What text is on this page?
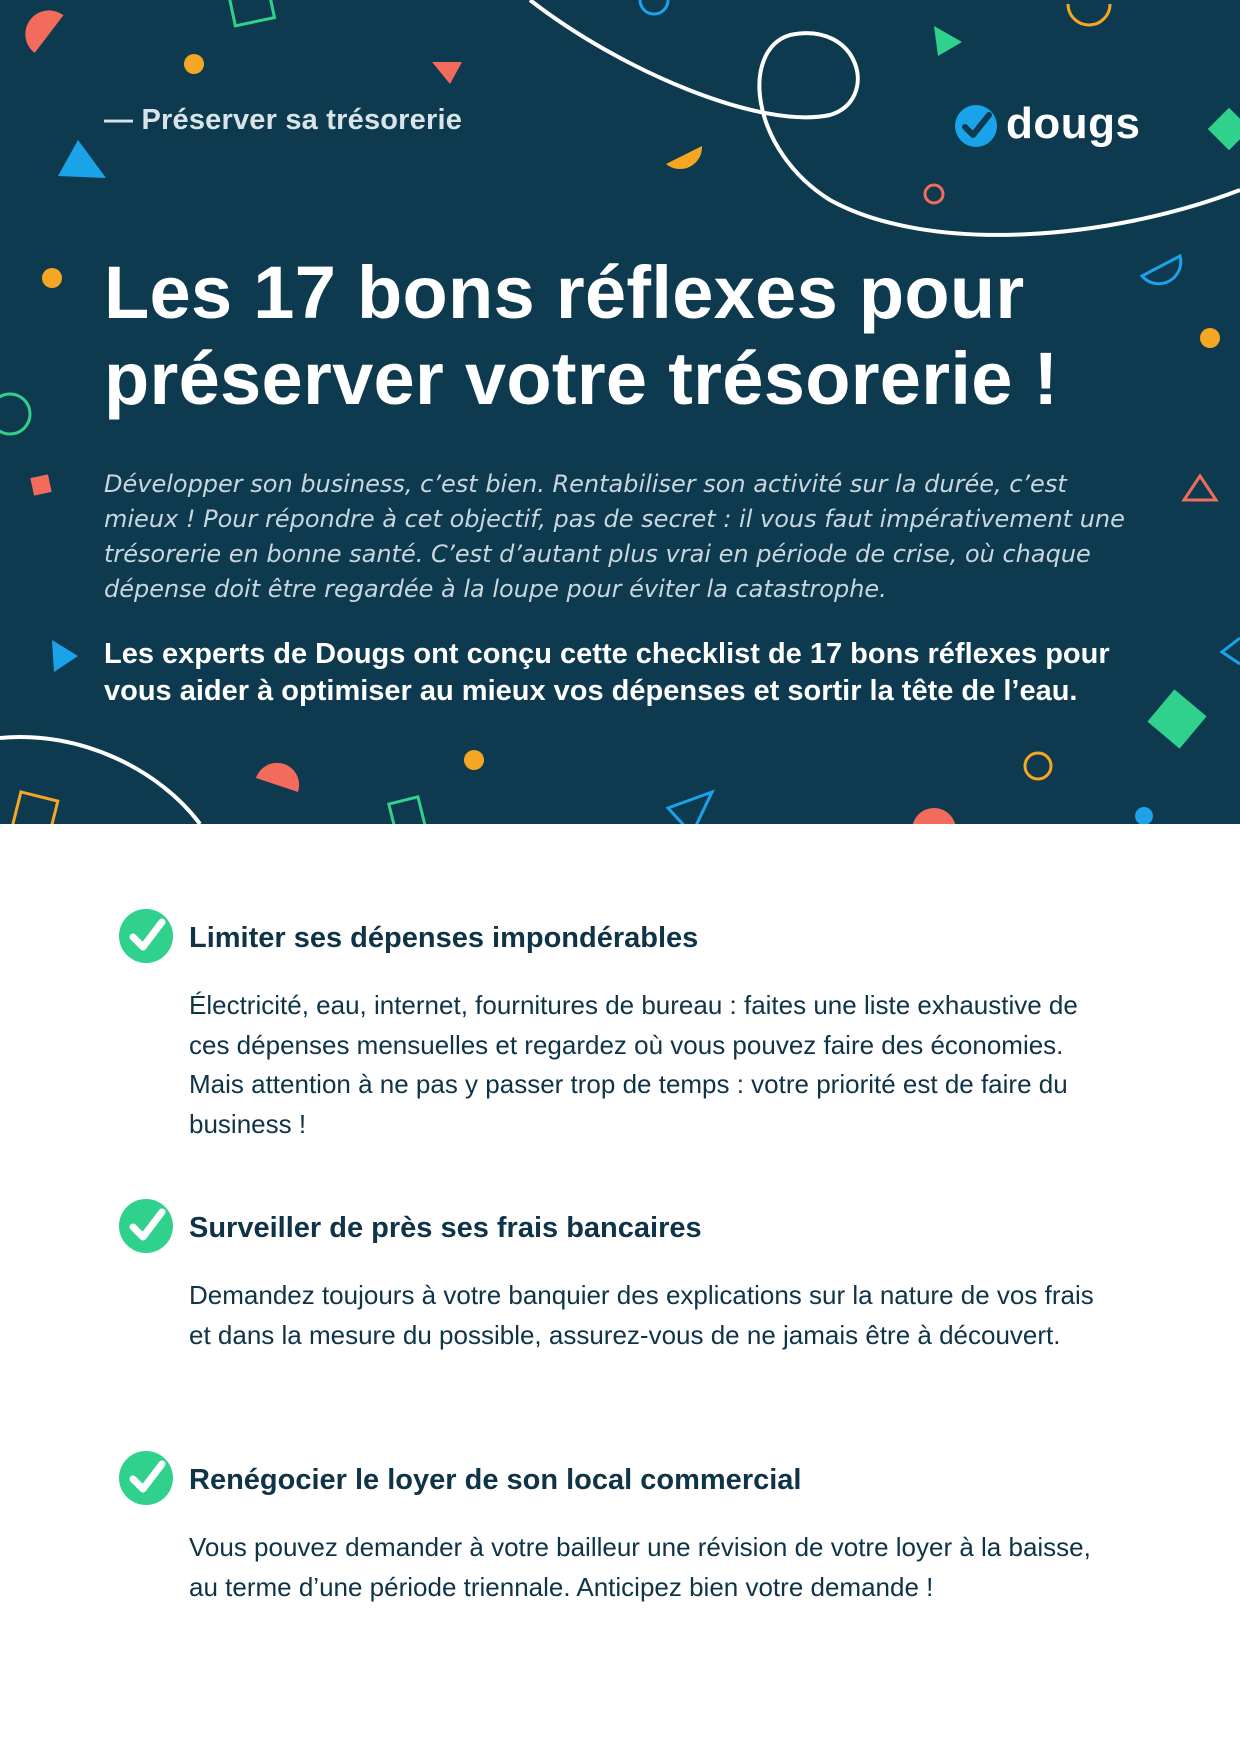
— Préserver sa trésorerie	dougs
Les 17 bons réflexes pour
préserver votre trésorerie !

Développer son business, c’est bien. Rentabiliser son activité sur la durée, c’est mieux ! Pour répondre à cet objectif, pas de secret : il vous faut impérativement une trésorerie en bonne santé. C’est d’autant plus vrai en période de crise, où chaque dépense doit être regardée à la loupe pour éviter la catastrophe.

Les experts de Dougs ont conçu cette checklist de 17 bons réflexes pour vous aider à optimiser au mieux vos dépenses et sortir la tête de l’eau.

Limiter ses dépenses impondérables

Électricité, eau, internet, fournitures de bureau : faites une liste exhaustive de ces dépenses mensuelles et regardez où vous pouvez faire des économies. Mais attention à ne pas y passer trop de temps : votre priorité est de faire du business !

Surveiller de près ses frais bancaires

Demandez toujours à votre banquier des explications sur la nature de vos frais et dans la mesure du possible, assurez-vous de ne jamais être à découvert.

Renégocier le loyer de son local commercial

Vous pouvez demander à votre bailleur une révision de votre loyer à la baisse, au terme d’une période triennale. Anticipez bien votre demande !
